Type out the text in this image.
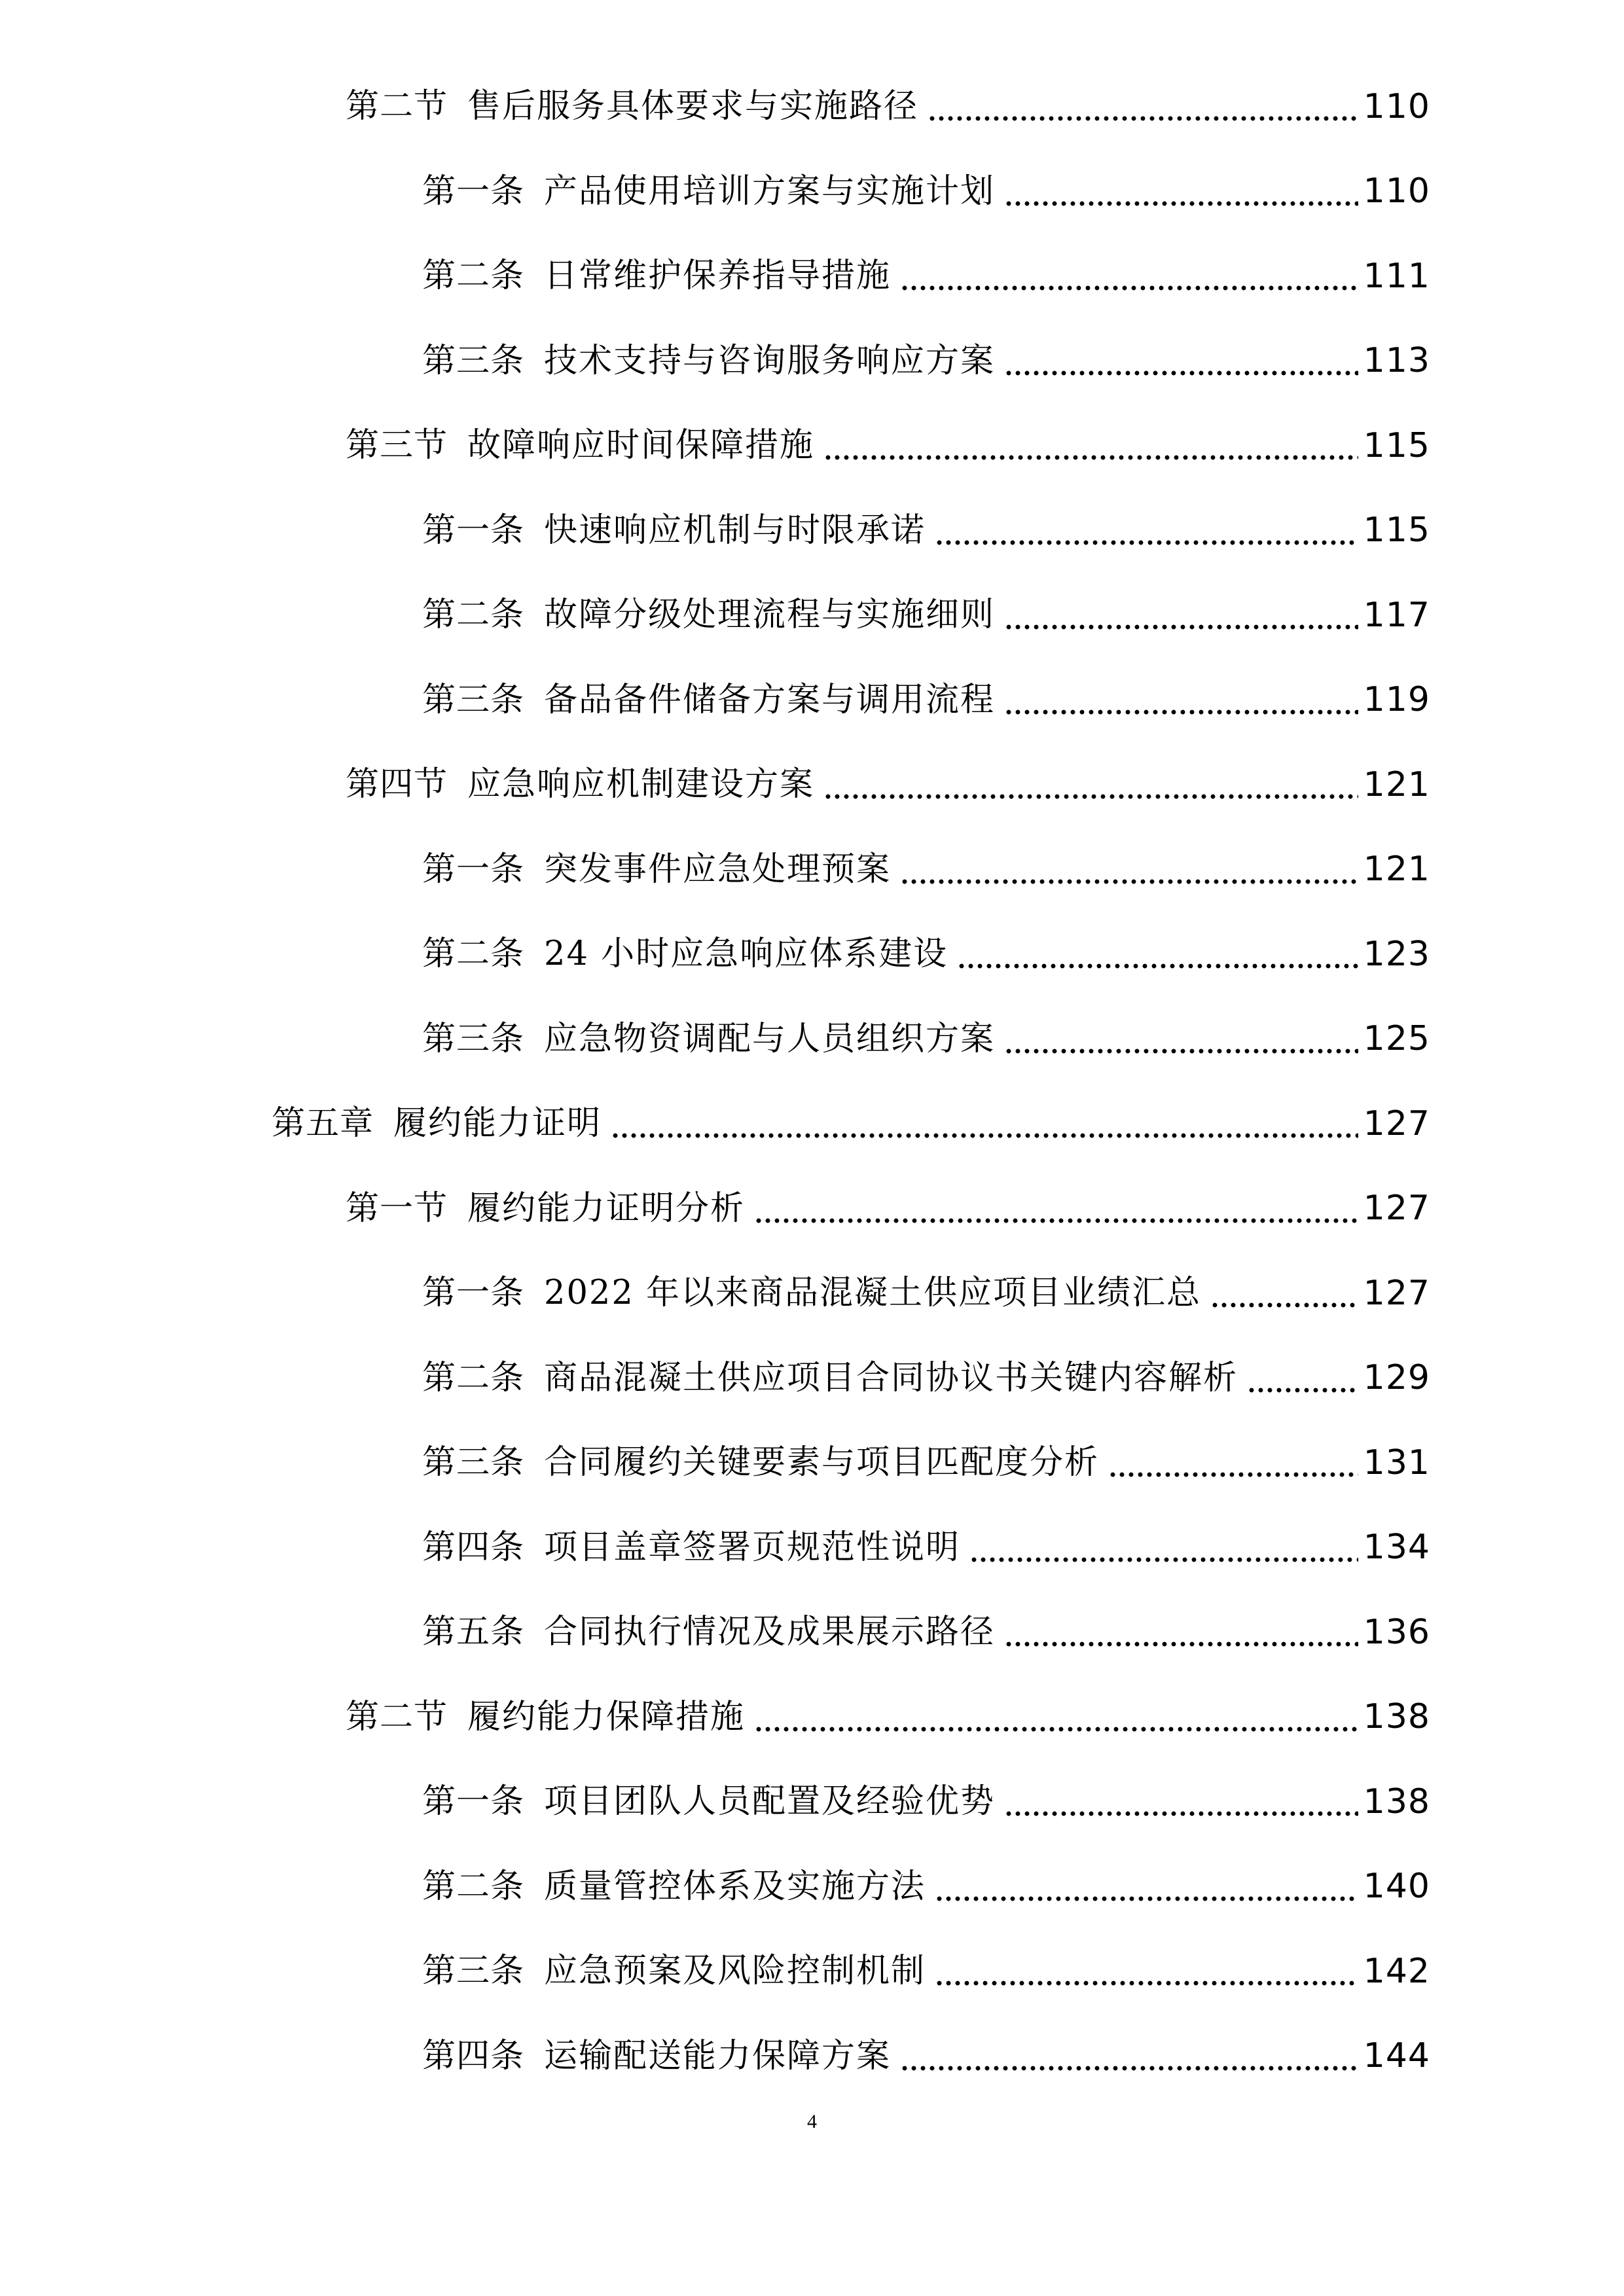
第二节 售后服务具体要求与实施路径	110
第一条 产品使用培训方案与实施计划	110
第二条 日常维护保养指导措施	111
第三条 技术支持与咨询服务响应方案	113
第三节 故障响应时间保障措施	115
第一条 快速响应机制与时限承诺	115
第二条 故障分级处理流程与实施细则	117
第三条 备品备件储备方案与调用流程	119
第四节 应急响应机制建设方案	121
第一条 突发事件应急处理预案	121
第二条 24 小时应急响应体系建设	123
第三条 应急物资调配与人员组织方案	125
第五章 履约能力证明	127
第一节 履约能力证明分析	127
第一条 2022 年以来商品混凝土供应项目业绩汇总	127
第二条 商品混凝土供应项目合同协议书关键内容解析	129
第三条 合同履约关键要素与项目匹配度分析	131
第四条 项目盖章签署页规范性说明	134
第五条 合同执行情况及成果展示路径	136
第二节 履约能力保障措施	138
第一条 项目团队人员配置及经验优势	138
第二条 质量管控体系及实施方法	140
第三条 应急预案及风险控制机制	142
第四条 运输配送能力保障方案	144
4
